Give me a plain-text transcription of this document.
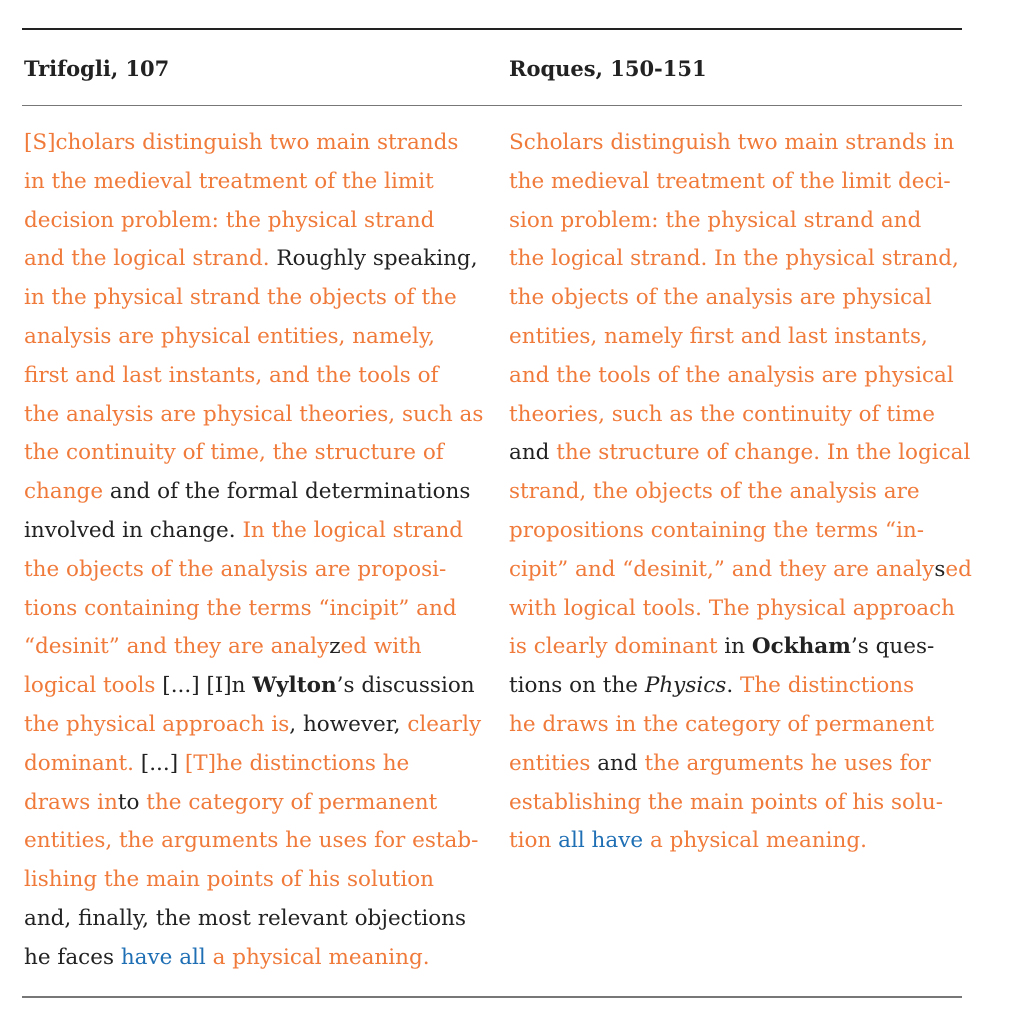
Trifogli, 107	Roques, 150-151
[S]cholars distinguish two main strands
in the medieval treatment of the limit
decision problem: the physical strand
and the logical strand. Roughly speaking,
in the physical strand the objects of the
analysis are physical entities, namely,
first and last instants, and the tools of
the analysis are physical theories, such as
the continuity of time, the structure of
change and of the formal determinations
involved in change. In the logical strand
the objects of the analysis are proposi-
tions containing the terms “incipit” and
“desinit” and they are analyzed with
logical tools [...] [I]n Wylton’s discussion
the physical approach is, however, clearly
dominant. [...] [T]he distinctions he
draws into the category of permanent
entities, the arguments he uses for estab-
lishing the main points of his solution
and, finally, the most relevant objections
he faces have all a physical meaning.
Scholars distinguish two main strands in
the medieval treatment of the limit deci-
sion problem: the physical strand and
the logical strand. In the physical strand,
the objects of the analysis are physical
entities, namely first and last instants,
and the tools of the analysis are physical
theories, such as the continuity of time
and the structure of change. In the logical
strand, the objects of the analysis are
propositions containing the terms “in-
cipit” and “desinit,” and they are analysed
with logical tools. The physical approach
is clearly dominant in Ockham’s ques-
tions on the Physics. The distinctions
he draws in the category of permanent
entities and the arguments he uses for
establishing the main points of his solu-
tion all have a physical meaning.
